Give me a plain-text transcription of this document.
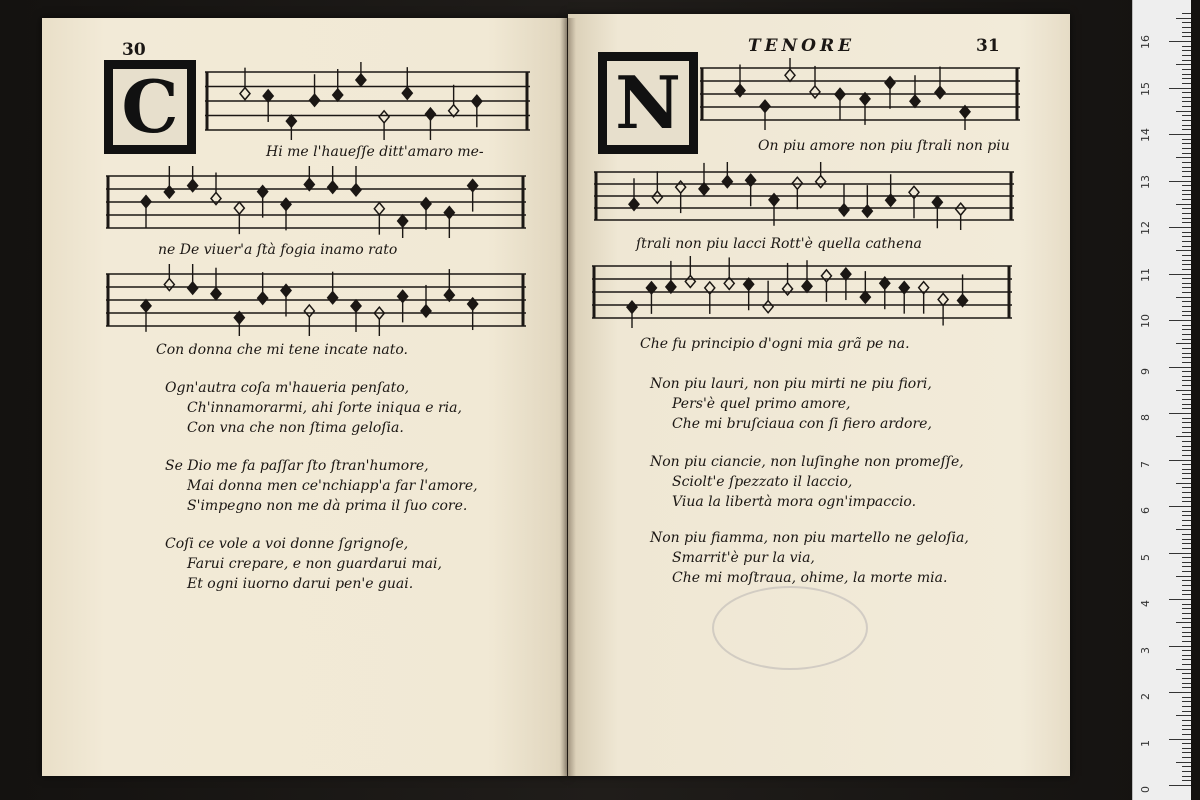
30
C
Hi me l'haueſſe ditt'amaro me-
ne De viuer'a ſtà fogia inamo rato
Con donna che mi tene incate nato.
Ogn'autra coſa m'haueria penſato,
Ch'innamorarmi, ahi ſorte iniqua e ria,
Con vna che non ſtima geloſia.
Se Dio me fa paſſar ſto ſtran'humore,
Mai donna men ce'nchiapp'a far l'amore,
S'impegno non me dà prima il ſuo core.
Coſi ce vole a voi donne ſgrignoſe,
Farui crepare, e non guardarui mai,
Et ogni iuorno darui pen'e guai.
TENORE	31
N
On piu amore non piu ſtrali non piu
ſtrali non piu lacci Rott'è quella cathena
Che fu principio d'ogni mia grã pe na.
Non piu lauri, non piu mirti ne piu fiori,
Pers'è quel primo amore,
Che mi bruſciaua con ſi fiero ardore,
Non piu ciancie, non luſinghe non promeſſe,
Sciolt'e ſpezzato il laccio,
Viua la libertà mora ogn'impaccio.
Non piu fiamma, non piu martello ne geloſia,
Smarrit'è pur la via,
Che mi moſtraua, ohime, la morte mia.
0
1
2
3
4
5
6
7
8
9
10
11
12
13
14
15
16
